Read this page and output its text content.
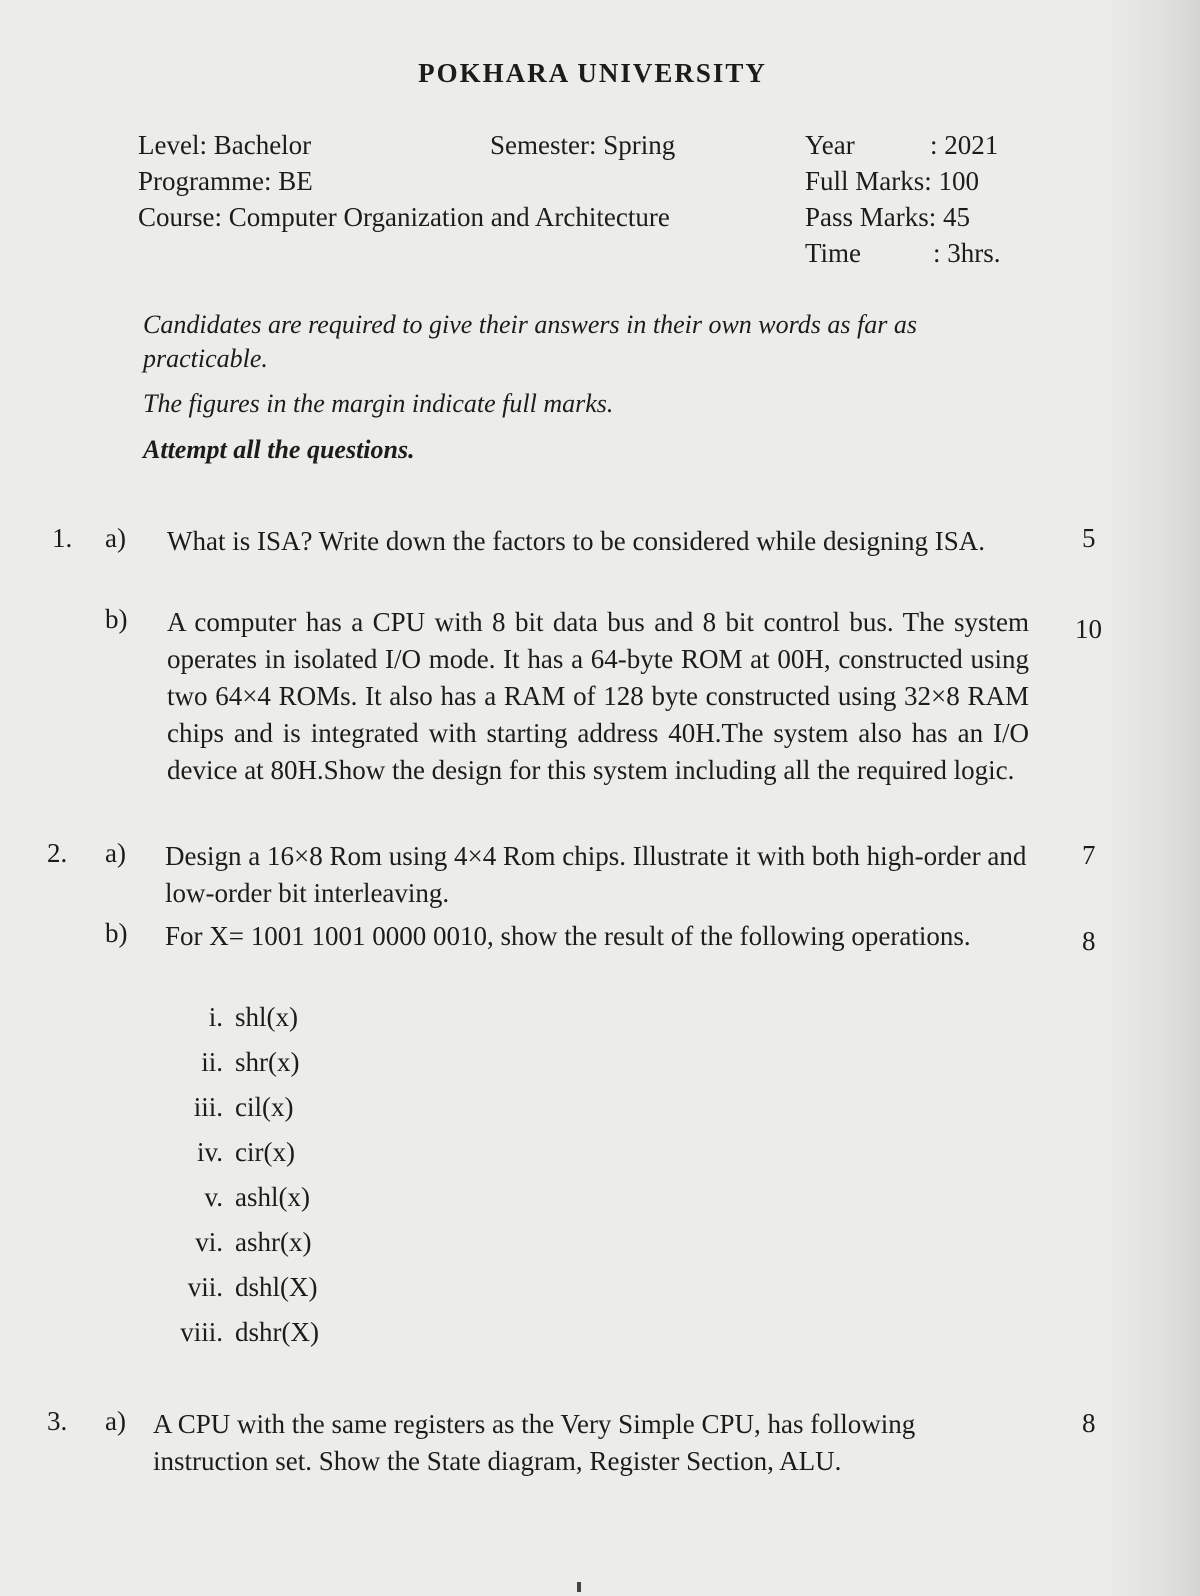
POKHARA UNIVERSITY
Level: Bachelor	Semester: Spring	Year	: 2021
Programme: BE	Full Marks: 100
Course: Computer Organization and Architecture	Pass Marks: 45
Time	: 3hrs.
Candidates are required to give their answers in their own words as far as practicable.
The figures in the margin indicate full marks.
Attempt all the questions.
1. a) What is ISA? Write down the factors to be considered while designing ISA.	5
b) A computer has a CPU with 8 bit data bus and 8 bit control bus. The system operates in isolated I/O mode. It has a 64-byte ROM at 00H, constructed using two 64×4 ROMs. It also has a RAM of 128 byte constructed using 32×8 RAM chips and is integrated with starting address 40H.The system also has an I/O device at 80H.Show the design for this system including all the required logic.
10
2. a) Design a 16×8 Rom using 4×4 Rom chips. Illustrate it with both high-order and low-order bit interleaving.
7
b) For X= 1001 1001 0000 0010, show the result of the following operations.	8
i. shl(x)
ii. shr(x)
iii. cil(x)
iv. cir(x)
v. ashl(x)
vi. ashr(x)
vii. dshl(X)
viii. dshr(X)
3. a) A CPU with the same registers as the Very Simple CPU, has following instruction set. Show the State diagram, Register Section, ALU.
8
